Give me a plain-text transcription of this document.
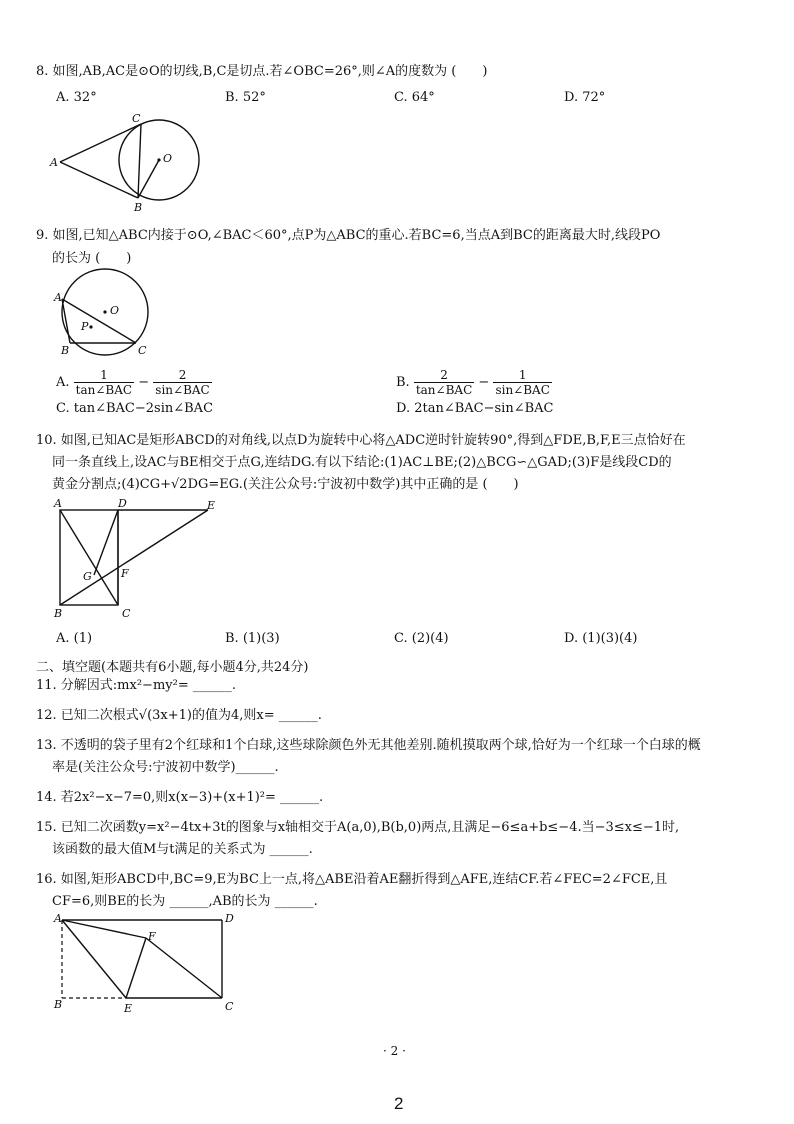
8. 如图,AB,AC是⊙O的切线,B,C是切点.若∠OBC=26°,则∠A的度数为 (　　)
A. 32°	B. 52°	C. 64°	D. 72°
A
C
O
B
9. 如图,已知△ABC内接于⊙O,∠BAC＜60°,点P为△ABC的重心.若BC=6,当点A到BC的距离最大时,线段PO
的长为 (　　)
A
O
P
B	C
A. $\frac{1}{\text{tan∠BAC}} - \frac{2}{\text{sin∠BAC}}$	B. $\frac{2}{\text{tan∠BAC}} - \frac{1}{\text{sin∠BAC}}$
C. tan∠BAC−2sin∠BAC	D. 2tan∠BAC−sin∠BAC
10. 如图,已知AC是矩形ABCD的对角线,以点D为旋转中心将△ADC逆时针旋转90°,得到△FDE,B,F,E三点恰好在
同一条直线上,设AC与BE相交于点G,连结DG.有以下结论:(1)AC⊥BE;(2)△BCG∽△GAD;(3)F是线段CD的
黄金分割点;(4)CG+√2DG=EG.(关注公众号:宁波初中数学)其中正确的是 (　　)
A	D	E
G	F
B	C
A. (1)	B. (1)(3)	C. (2)(4)	D. (1)(3)(4)
二、填空题(本题共有6小题,每小题4分,共24分)
11. 分解因式:mx²−my²= ______.
12. 已知二次根式√(3x+1)的值为4,则x= ______.
13. 不透明的袋子里有2个红球和1个白球,这些球除颜色外无其他差别.随机摸取两个球,恰好为一个红球一个白球的概
率是(关注公众号:宁波初中数学)______.
14. 若2x²−x−7=0,则x(x−3)+(x+1)²= ______.
15. 已知二次函数y=x²−4tx+3t的图象与x轴相交于A(a,0),B(b,0)两点,且满足−6≤a+b≤−4.当−3≤x≤−1时,
该函数的最大值M与t满足的关系式为 ______.
16. 如图,矩形ABCD中,BC=9,E为BC上一点,将△ABE沿着AE翻折得到△AFE,连结CF.若∠FEC=2∠FCE,且
CF=6,则BE的长为 ______,AB的长为 ______.
A	D
F
B	E	C
· 2 ·
2
